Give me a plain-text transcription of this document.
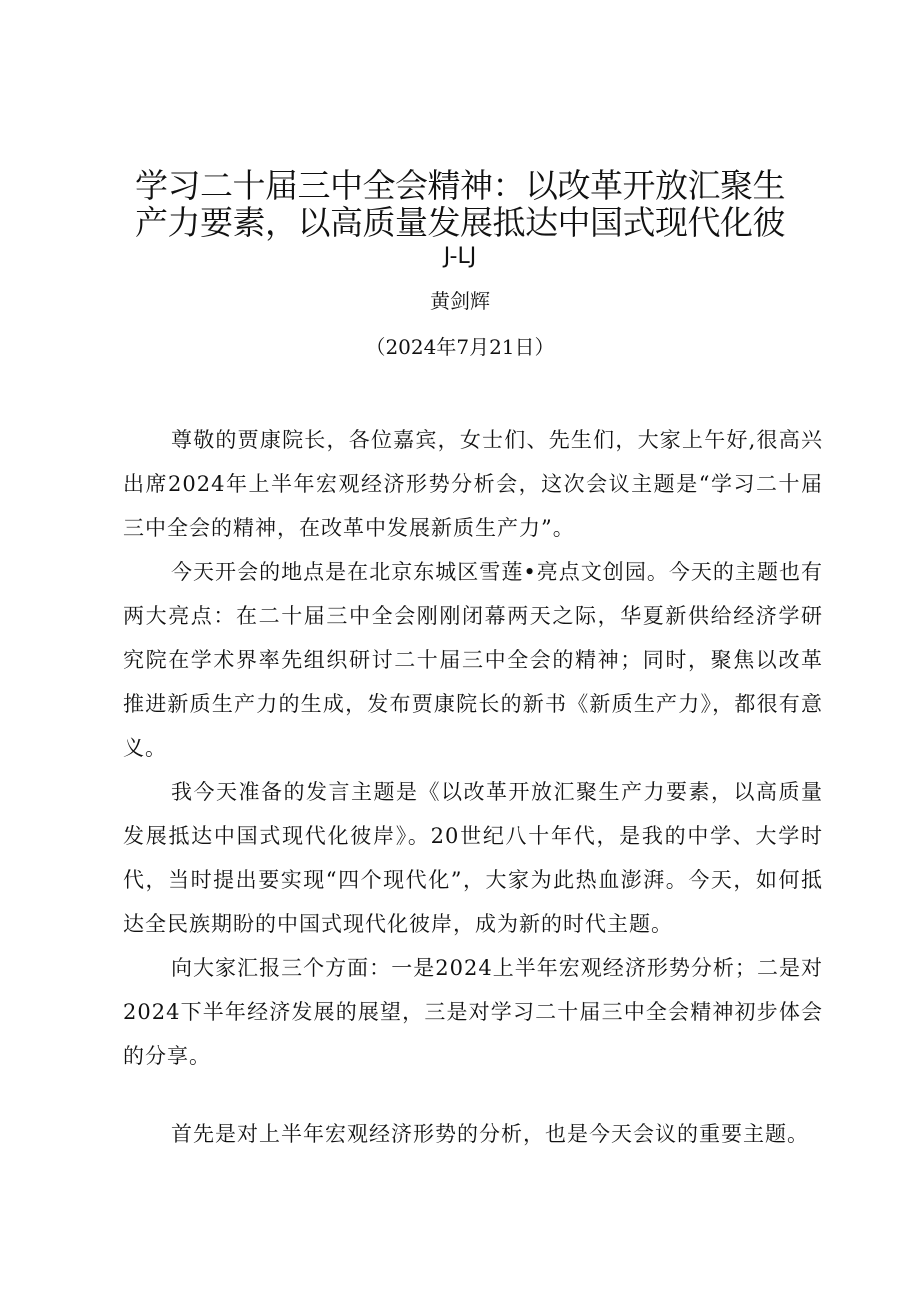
学习二十届三中全会精神：以改革开放汇聚生
产力要素，以高质量发展抵达中国式现代化彼
J-LJ
黄剑辉
（2024年7月21日）

尊敬的贾康院长，各位嘉宾，女士们、先生们，大家上午好,很高兴出席2024年上半年宏观经济形势分析会，这次会议主题是“学习二十届三中全会的精神，在改革中发展新质生产力”。

今天开会的地点是在北京东城区雪莲•亮点文创园。今天的主题也有两大亮点：在二十届三中全会刚刚闭幕两天之际，华夏新供给经济学研究院在学术界率先组织研讨二十届三中全会的精神；同时，聚焦以改革推进新质生产力的生成，发布贾康院长的新书《新质生产力》，都很有意义。

我今天准备的发言主题是《以改革开放汇聚生产力要素，以高质量发展抵达中国式现代化彼岸》。20世纪八十年代，是我的中学、大学时代，当时提出要实现“四个现代化”，大家为此热血澎湃。今天，如何抵达全民族期盼的中国式现代化彼岸，成为新的时代主题。

向大家汇报三个方面：一是2024上半年宏观经济形势分析；二是对2024下半年经济发展的展望，三是对学习二十届三中全会精神初步体会的分享。

首先是对上半年宏观经济形势的分析，也是今天会议的重要主题。
